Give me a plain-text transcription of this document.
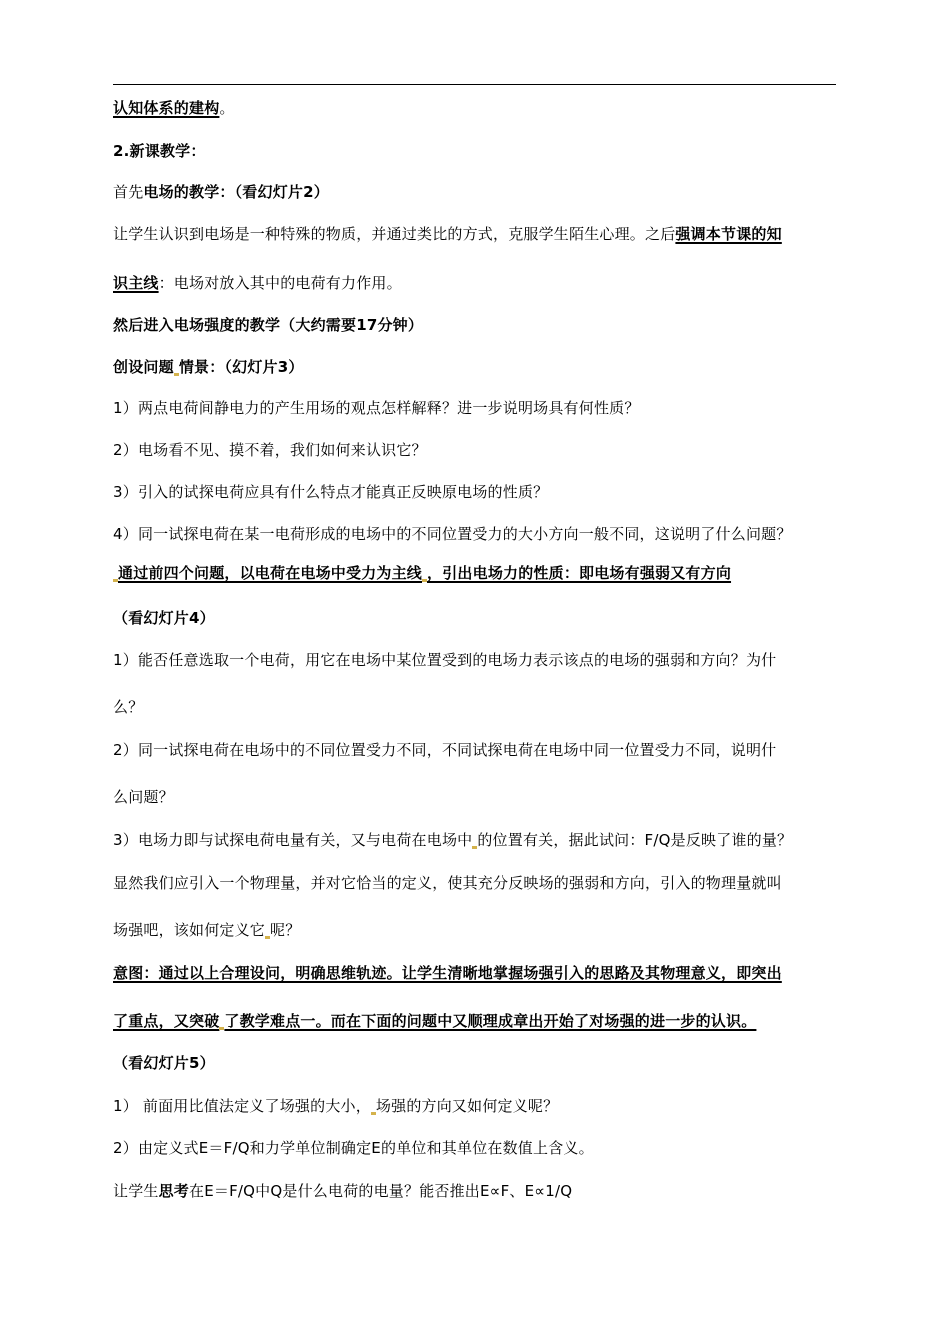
认知体系的建构。
2.新课教学：
首先电场的教学：（看幻灯片2）
让学生认识到电场是一种特殊的物质，并通过类比的方式，克服学生陌生心理。之后强调本节课的知
识主线：电场对放入其中的电荷有力作用。
然后进入电场强度的教学（大约需要17分钟）
创设问题 情景：（幻灯片3）
1）两点电荷间静电力的产生用场的观点怎样解释？进一步说明场具有何性质？
2）电场看不见、摸不着，我们如何来认识它？
3）引入的试探电荷应具有什么特点才能真正反映原电场的性质？
4）同一试探电荷在某一电荷形成的电场中的不同位置受力的大小方向一般不同，这说明了什么问题？
通过前四个问题，以电荷在电场中受力为主线 ，引出电场力的性质：即电场有强弱又有方向
（看幻灯片4）
1）能否任意选取一个电荷，用它在电场中某位置受到的电场力表示该点的电场的强弱和方向？为什
么？
2）同一试探电荷在电场中的不同位置受力不同，不同试探电荷在电场中同一位置受力不同，说明什
么问题？
3）电场力即与试探电荷电量有关，又与电荷在电场中 的位置有关，据此试问：F/Q是反映了谁的量？
显然我们应引入一个物理量，并对它恰当的定义，使其充分反映场的强弱和方向，引入的物理量就叫
场强吧，该如何定义它 呢？
意图：通过以上合理设问，明确思维轨迹。让学生清晰地掌握场强引入的思路及其物理意义，即突出
了重点，又突破 了教学难点一。而在下面的问题中又顺理成章出开始了对场强的进一步的认识。
（看幻灯片5）
1） 前面用比值法定义了场强的大小， 场强的方向又如何定义呢？
2）由定义式E＝F/Q和力学单位制确定E的单位和其单位在数值上含义。
让学生思考在E＝F/Q中Q是什么电荷的电量？能否推出E∝F、E∝1/Q
